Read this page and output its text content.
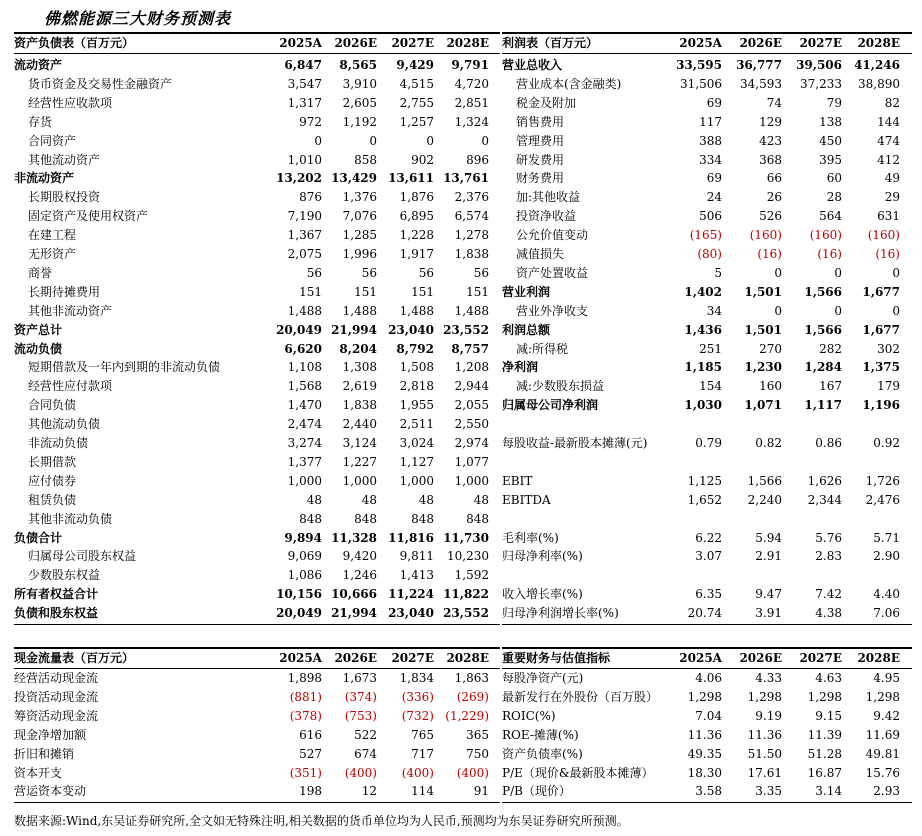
佛燃能源三大财务预测表
资产负债表（百万元）	2025A	2026E	2027E	2028E
流动资产	6,847	8,565	9,429	9,791
货币资金及交易性金融资产	3,547	3,910	4,515	4,720
经营性应收款项	1,317	2,605	2,755	2,851
存货	972	1,192	1,257	1,324
合同资产	0	0	0	0
其他流动资产	1,010	858	902	896
非流动资产	13,202 13,429 13,611 13,761
长期股权投资	876	1,376	1,876	2,376
固定资产及使用权资产	7,190	7,076	6,895	6,574
在建工程	1,367	1,285	1,228	1,278
无形资产	2,075	1,996	1,917	1,838
商誉	56	56	56	56
长期待摊费用	151	151	151	151
其他非流动资产	1,488	1,488	1,488	1,488
资产总计	20,049 21,994 23,040 23,552
流动负债	6,620	8,204	8,792	8,757
短期借款及一年内到期的非流动负债	1,108	1,308	1,508	1,208
经营性应付款项	1,568	2,619	2,818	2,944
合同负债	1,470	1,838	1,955	2,055
其他流动负债	2,474	2,440	2,511	2,550
非流动负债	3,274	3,124	3,024	2,974
长期借款	1,377	1,227	1,127	1,077
应付债券	1,000	1,000	1,000	1,000
租赁负债	48	48	48	48
其他非流动负债	848	848	848	848
负债合计	9,894 11,328 11,816 11,730
归属母公司股东权益	9,069	9,420	9,811	10,230
少数股东权益	1,086	1,246	1,413	1,592
所有者权益合计	10,156 10,666 11,224 11,822
负债和股东权益	20,049 21,994 23,040 23,552
利润表（百万元）	2025A	2026E	2027E	2028E
营业总收入	33,595	36,777	39,506	41,246
营业成本(含金融类)	31,506	34,593	37,233	38,890
税金及附加	69	74	79	82
销售费用	117	129	138	144
管理费用	388	423	450	474
研发费用	334	368	395	412
财务费用	69	66	60	49
加:其他收益	24	26	28	29
投资净收益	506	526	564	631
公允价值变动	(165)	(160)	(160)	(160)
减值损失	(80)	(16)	(16)	(16)
资产处置收益	5	0	0	0
营业利润	1,402	1,501	1,566	1,677
营业外净收支	34	0	0	0
利润总额	1,436	1,501	1,566	1,677
减:所得税	251	270	282	302
净利润	1,185	1,230	1,284	1,375
减:少数股东损益	154	160	167	179
归属母公司净利润	1,030	1,071	1,117	1,196
每股收益-最新股本摊薄(元)	0.79	0.82	0.86	0.92
EBIT	1,125	1,566	1,626	1,726
EBITDA	1,652	2,240	2,344	2,476
毛利率(%)	6.22	5.94	5.76	5.71
归母净利率(%)	3.07	2.91	2.83	2.90
收入增长率(%)	6.35	9.47	7.42	4.40
归母净利润增长率(%)	20.74	3.91	4.38	7.06
现金流量表（百万元）	2025A	2026E	2027E	2028E
经营活动现金流	1,898	1,673	1,834	1,863
投资活动现金流	(881)	(374)	(336)	(269)
筹资活动现金流	(378)	(753)	(732) (1,229)
现金净增加额	616	522	765	365
折旧和摊销	527	674	717	750
资本开支	(351)	(400)	(400)	(400)
营运资本变动	198	12	114	91
重要财务与估值指标	2025A	2026E	2027E	2028E
每股净资产(元)	4.06	4.33	4.63	4.95
最新发行在外股份（百万股）	1,298	1,298	1,298	1,298
ROIC(%)	7.04	9.19	9.15	9.42
ROE-摊薄(%)	11.36	11.36	11.39	11.69
资产负债率(%)	49.35	51.50	51.28	49.81
P/E（现价&最新股本摊薄）	18.30	17.61	16.87	15.76
P/B（现价）	3.58	3.35	3.14	2.93
数据来源:Wind,东吴证券研究所,全文如无特殊注明,相关数据的货币单位均为人民币,预测均为东吴证券研究所预测。
